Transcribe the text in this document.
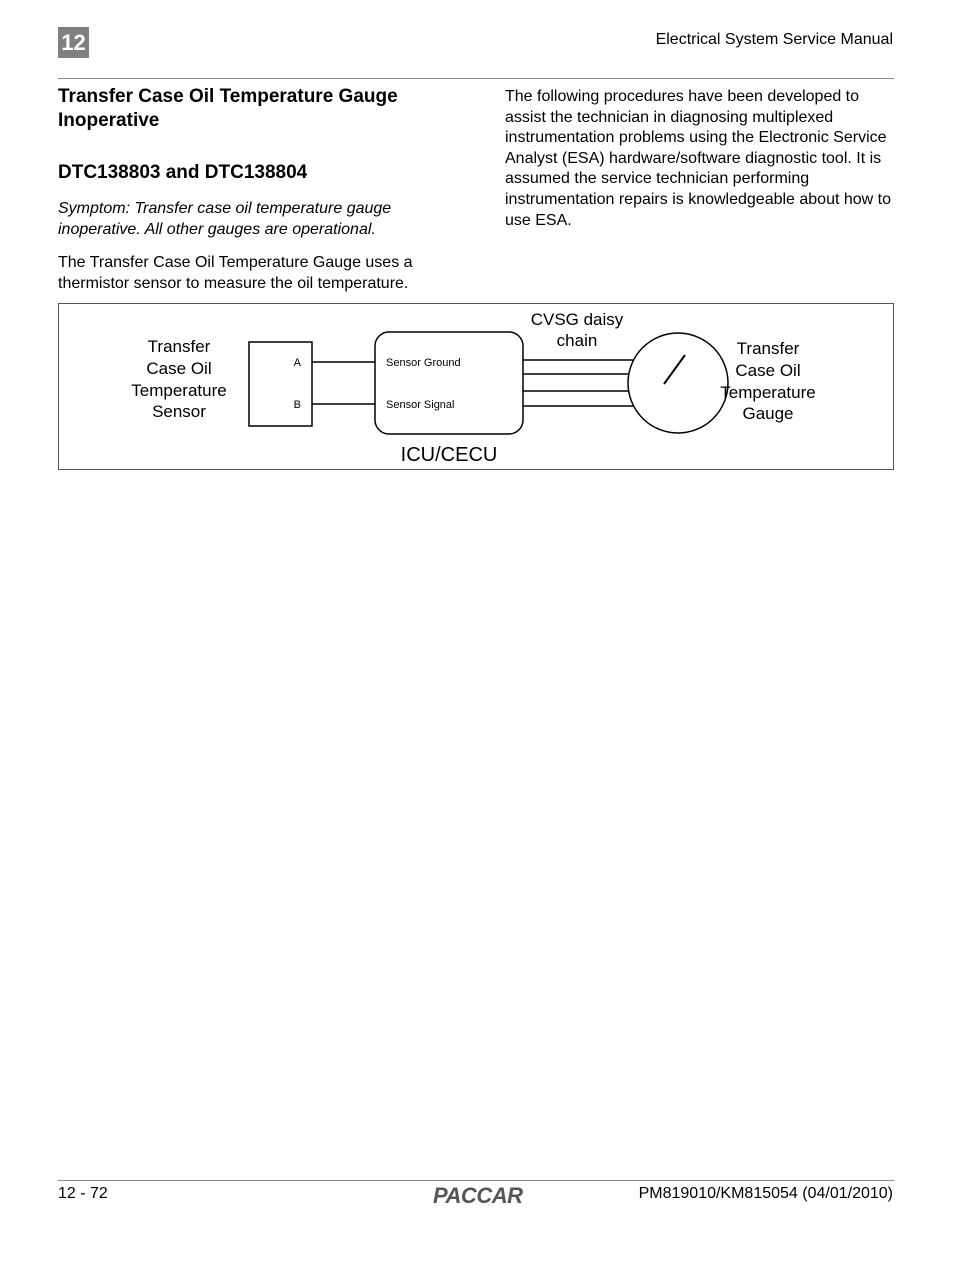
12	Electrical System Service Manual
Transfer Case Oil Temperature Gauge Inoperative
DTC138803 and DTC138804

Symptom: Transfer case oil temperature gauge inoperative. All other gauges are operational.

The Transfer Case Oil Temperature Gauge uses a thermistor sensor to measure the oil temperature.

The following procedures have been developed to assist the technician in diagnosing multiplexed instrumentation problems using the Electronic Service Analyst (ESA) hardware/software diagnostic tool. It is assumed the service technician performing instrumentation repairs is knowledgeable about how to use ESA.

Transfer
Case Oil
Temperature
Sensor
A
B
Sensor Ground
Sensor Signal
ICU/CECU
CVSG daisy
chain	Transfer
Case Oil
Temperature
Gauge
12 - 72	PACCAR	PM819010/KM815054 (04/01/2010)
